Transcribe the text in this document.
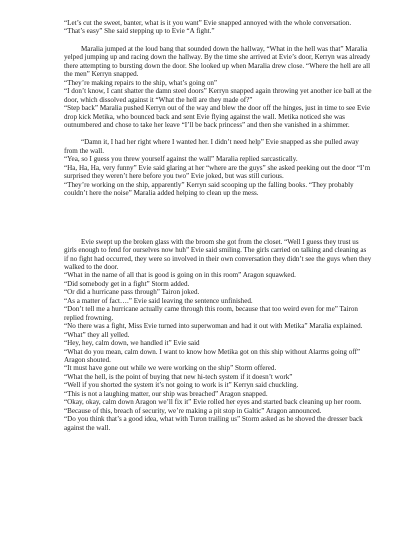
“Let’s cut the sweet, banter, what is it you want” Evie snapped annoyed with the whole conversation.

“That’s easy” She said stepping up to Evie “A fight.”

Maralia jumped at the loud bang that sounded down the hallway, “What in the hell was that” Maralia yelped jumping up and racing down the hallway. By the time she arrived at Evie’s door, Kerryn was already there attempting to bursting down the door. She looked up when Maralia drew close. “Where the hell are all the men” Kerryn snapped.

“They’re making repairs to the ship, what’s going on”

“I don’t know, I cant shatter the damn steel doors” Kerryn snapped again throwing yet another ice ball at the door, which dissolved against it “What the hell are they made of?”

“Step back” Maralia pushed Kerryn out of the way and blew the door off the hinges, just in time to see Evie drop kick Metika, who bounced back and sent Evie flying against the wall. Metika noticed she was outnumbered and chose to take her leave “I’ll be back princess” and then she vanished in a shimmer.

“Damn it, I had her right where I wanted her. I didn’t need help” Evie snapped as she pulled away from the wall.

“Yea, so I guess you threw yourself against the wall” Maralia replied sarcastically.

“Ha, Ha, Ha, very funny” Evie said glaring at her “where are the guys” she asked peeking out the door “I’m surprised they weren’t here before you two” Evie joked, but was still curious.

“They’re working on the ship, apparently” Kerryn said scooping up the falling books. “They probably couldn’t here the noise” Maralia added helping to clean up the mess.

Evie swept up the broken glass with the broom she got from the closet. “Well I guess they trust us girls enough to fend for ourselves now huh” Evie said smiling. The girls carried on talking and cleaning as if no fight had occurred, they were so involved in their own conversation they didn’t see the guys when they walked to the door.

“What in the name of all that is good is going on in this room” Aragon squawked.

“Did somebody get in a fight” Storm added.

“Or did a hurricane pass through” Tairon joked.

“As a matter of fact….” Evie said leaving the sentence unfinished.

“Don’t tell me a hurricane actually came through this room, because that too weird even for me” Tairon replied frowning.

“No there was a fight, Miss Evie turned into superwoman and had it out with Metika” Maralia explained.

“What” they all yelled.

“Hey, hey, calm down, we handled it” Evie said

“What do you mean, calm down. I want to know how Metika got on this ship without Alarms going off” Aragon shouted.

“It must have gone out while we were working on the ship” Storm offered.

“What the hell, is the point of buying that new hi-tech system if it doesn’t work”

“Well if you shorted the system it’s not going to work is it” Kerryn said chuckling.

“This is not a laughing matter, our ship was breached” Aragon snapped.

“Okay, okay, calm down Aragon we’ll fix it” Evie rolled her eyes and started back cleaning up her room.

“Because of this, breach of security, we’re making a pit stop in Galtic” Aragon announced.

“Do you think that’s a good idea, what with Turon trailing us” Storm asked as he shoved the dresser back against the wall.
